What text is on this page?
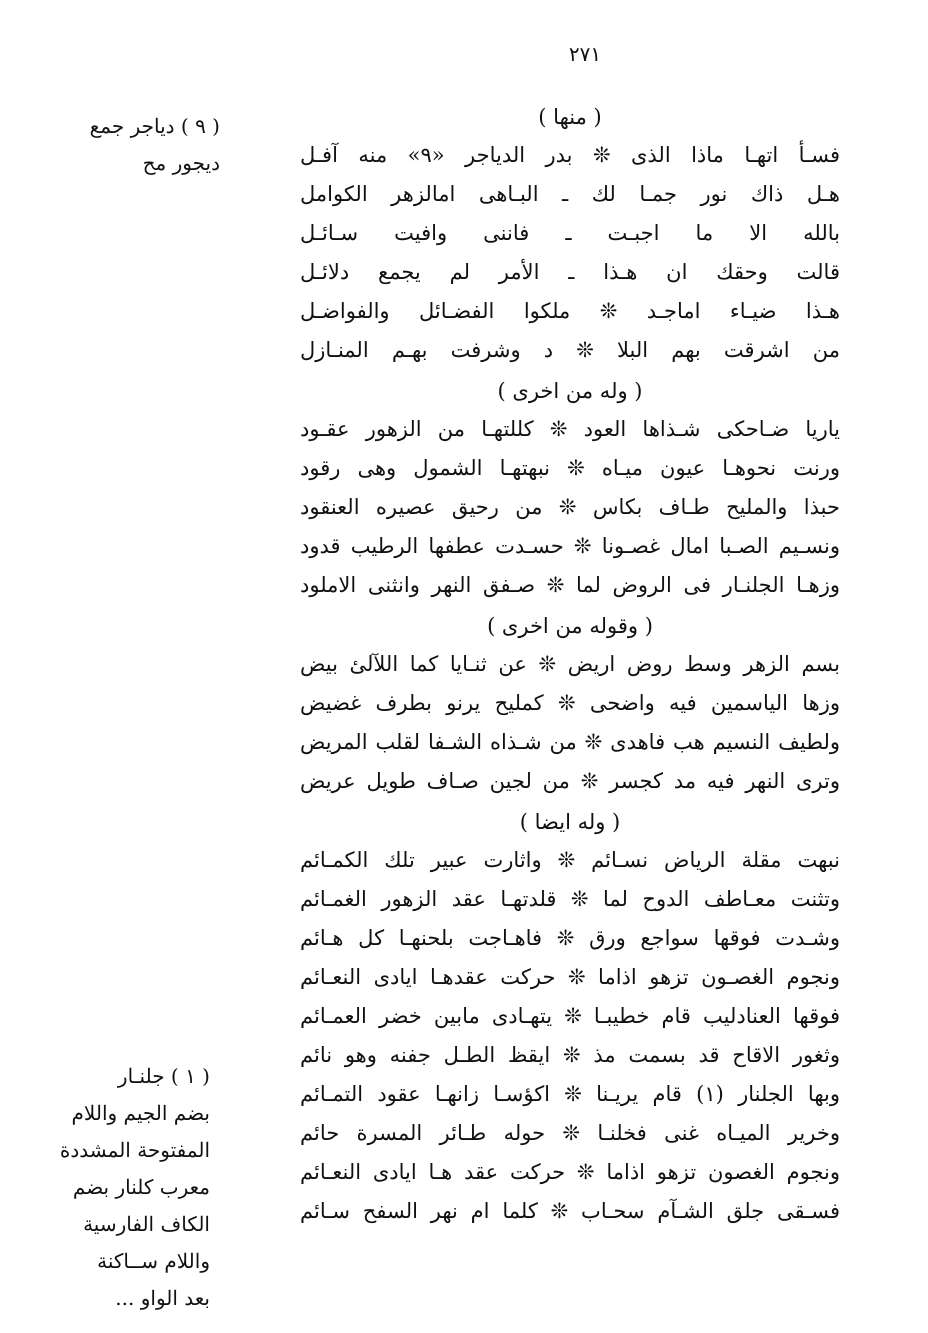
٢٧١
( ٩ ) دياجر جمع
ديجور مح
( منها )
فسـأ اتهـا ماذا الذى ❊ بدر الدياجر «٩» منه آفـل
هـل ذاك نور جمـا لك ـ البـاهى امالزهر الكوامل
بالله الا ما اجبـت ـ فاننى وافيت سـائـل
قالت وحقك ان هـذا ـ الأمر لم يجمع دلائـل
هـذا ضيـاء اماجـد ❊ ملكوا الفضـائل والفواضـل
من اشرقت بهم البلا ❊ د وشرفت بهـم المنـازل
( وله من اخرى )
ياريا ضـاحكى شـذاها العود ❊ كللتهـا من الزهور عقـود
ورنت نحوهـا عيون ميـاه ❊ نبهتهـا الشمول وهى رقود
حبذا والمليح طـاف بكاس ❊ من رحيق عصيره العنقود
ونسـيم الصـبا امال غصـونا ❊ حسـدت عطفها الرطيب قدود
وزهـا الجلنـار فى الروض لما ❊ صـفق النهر وانثنى الاملود
( وقوله من اخرى )
بسم الزهر وسط روض اريض ❊ عن ثنـايا كما اللآلئ بيض
وزها الياسمين فيه واضحى ❊ كمليح يرنو بطرف غضيض
ولطيف النسيم هب فاهدى ❊ من شـذاه الشـفا لقلب المريض
وترى النهر فيه مد كجسر ❊ من لجين صـاف طويل عريض
( وله ايضا )
نبهت مقلة الرياض نسـائم ❊ واثارت عبير تلك الكمـائم
وتثنت معـاطف الدوح لما ❊ قلدتهـا عقد الزهور الغمـائم
وشـدت فوقها سواجع ورق ❊ فاهـاجت بلحنهـا كل هـائم
ونجوم الغصـون تزهو اذاما ❊ حركت عقدهـا ايادى النعـائم
فوقها العنادليب قام خطيبـا ❊ يتهـادى مابين خضر العمـائم
وثغور الاقاح قد بسمت مذ ❊ ايقظ الطـل جفنه وهو نائم
وبها الجلنار (١) قام يريـنا ❊ اكؤسـا زانهـا عقود التمـائم
وخرير الميـاه غنى فخلنـا ❊ حوله طـائر المسرة حائم
ونجوم الغصون تزهو اذاما ❊ حركت عقد هـا ايادى النعـائم
فسـقى جلق الشـآم سحـاب ❊ كلما ام نهر السفح سـائم
( ١ ) جلنـار
بضم الجيم واللام
المفتوحة المشددة
معرب كلنار بضم
الكاف الفارسية
واللام ســاكنة
بعد الواو ...
